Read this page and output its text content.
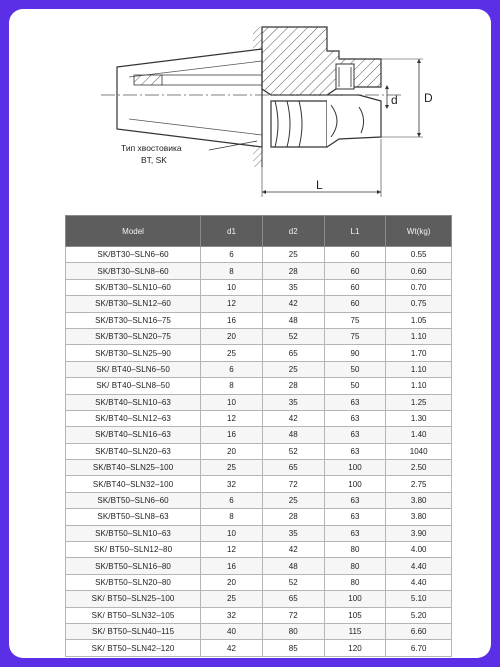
d D
L
Тип хвостовика
BT, SK
Model	d1	d2	L1	Wt(kg)
SK/BT30–SLN6–60	6	25	60	0.55
SK/BT30–SLN8–60	8	28	60	0.60
SK/BT30–SLN10–60	10	35	60	0.70
SK/BT30–SLN12–60	12	42	60	0.75
SK/BT30–SLN16–75	16	48	75	1.05
SK/BT30–SLN20–75	20	52	75	1.10
SK/BT30–SLN25–90	25	65	90	1.70
SK/ BT40–SLN6–50	6	25	50	1.10
SK/ BT40–SLN8–50	8	28	50	1.10
SK/BT40–SLN10–63	10	35	63	1.25
SK/BT40–SLN12–63	12	42	63	1.30
SK/BT40–SLN16–63	16	48	63	1.40
SK/BT40–SLN20–63	20	52	63	1040
SK/BT40–SLN25–100	25	65	100	2.50
SK/BT40–SLN32–100	32	72	100	2.75
SK/BT50–SLN6–60	6	25	63	3.80
SK/BT50–SLN8–63	8	28	63	3.80
SK/BT50–SLN10–63	10	35	63	3.90
SK/ BT50–SLN12–80	12	42	80	4.00
SK/BT50–SLN16–80	16	48	80	4.40
SK/BT50–SLN20–80	20	52	80	4.40
SK/ BT50–SLN25–100	25	65	100	5.10
SK/ BT50–SLN32–105	32	72	105	5.20
SK/ BT50–SLN40–115	40	80	115	6.60
SK/ BT50–SLN42–120	42	85	120	6.70
